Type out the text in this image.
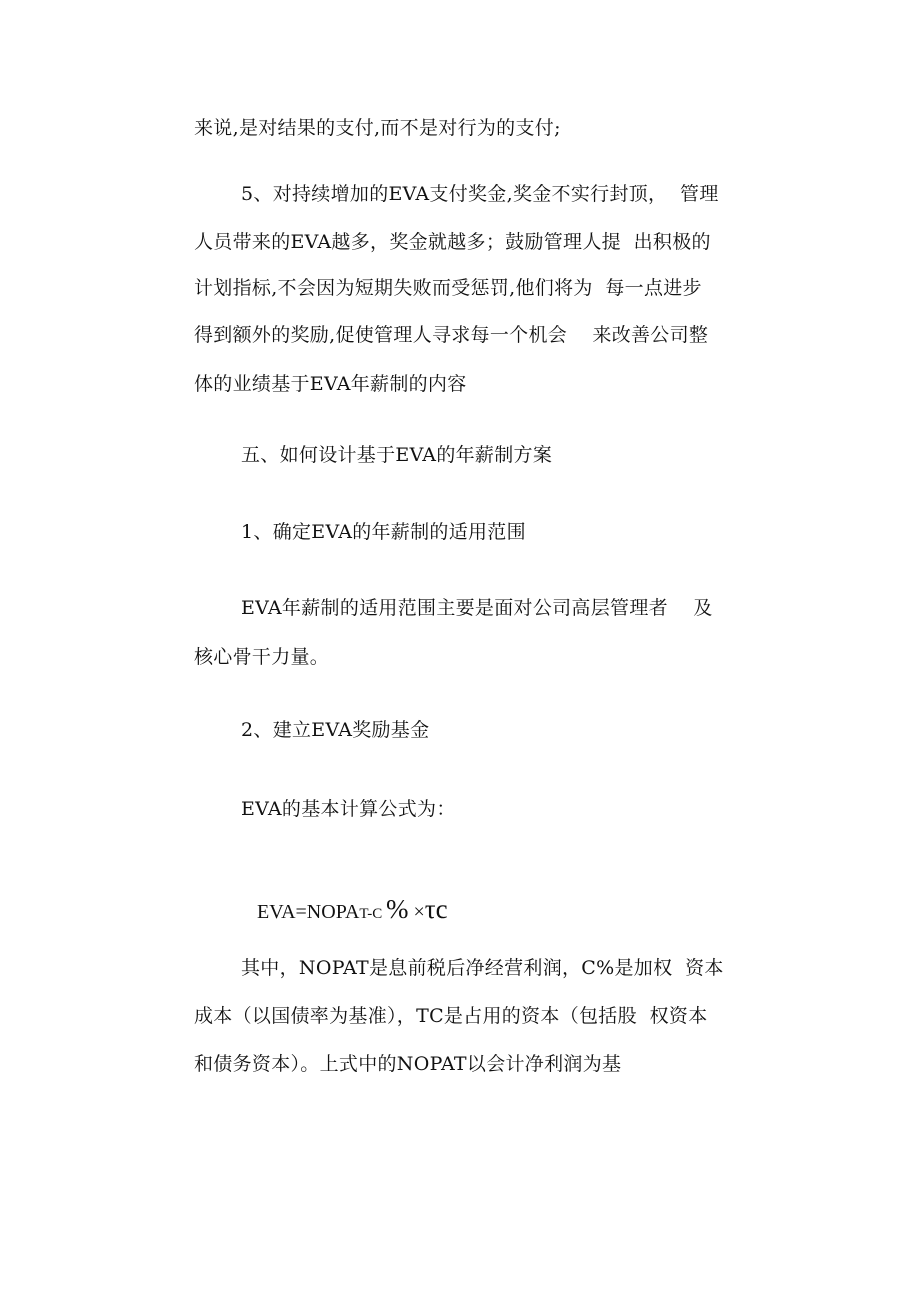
来说,是对结果的支付,而不是对行为的支付;
5、对持续增加的EVA支付奖金,奖金不实行封顶，  管理
人员带来的EVA越多，奖金就越多；鼓励管理人提  出积极的
计划指标,不会因为短期失败而受惩罚,他们将为  每一点进步
得到额外的奖励,促使管理人寻求每一个机会    来改善公司整
体的业绩基于EVA年薪制的内容
五、如何设计基于EVA的年薪制方案
1、确定EVA的年薪制的适用范围
EVA年薪制的适用范围主要是面对公司高层管理者    及
核心骨干力量。
2、建立EVA奖励基金
EVA的基本计算公式为：

EVA=NOPAT-C % ×τc

其中，NOPAT是息前税后净经营利润，C%是加权  资本
成本（以国债率为基准），TC是占用的资本（包括股  权资本
和债务资本）。上式中的NOPAT以会计净利润为基
